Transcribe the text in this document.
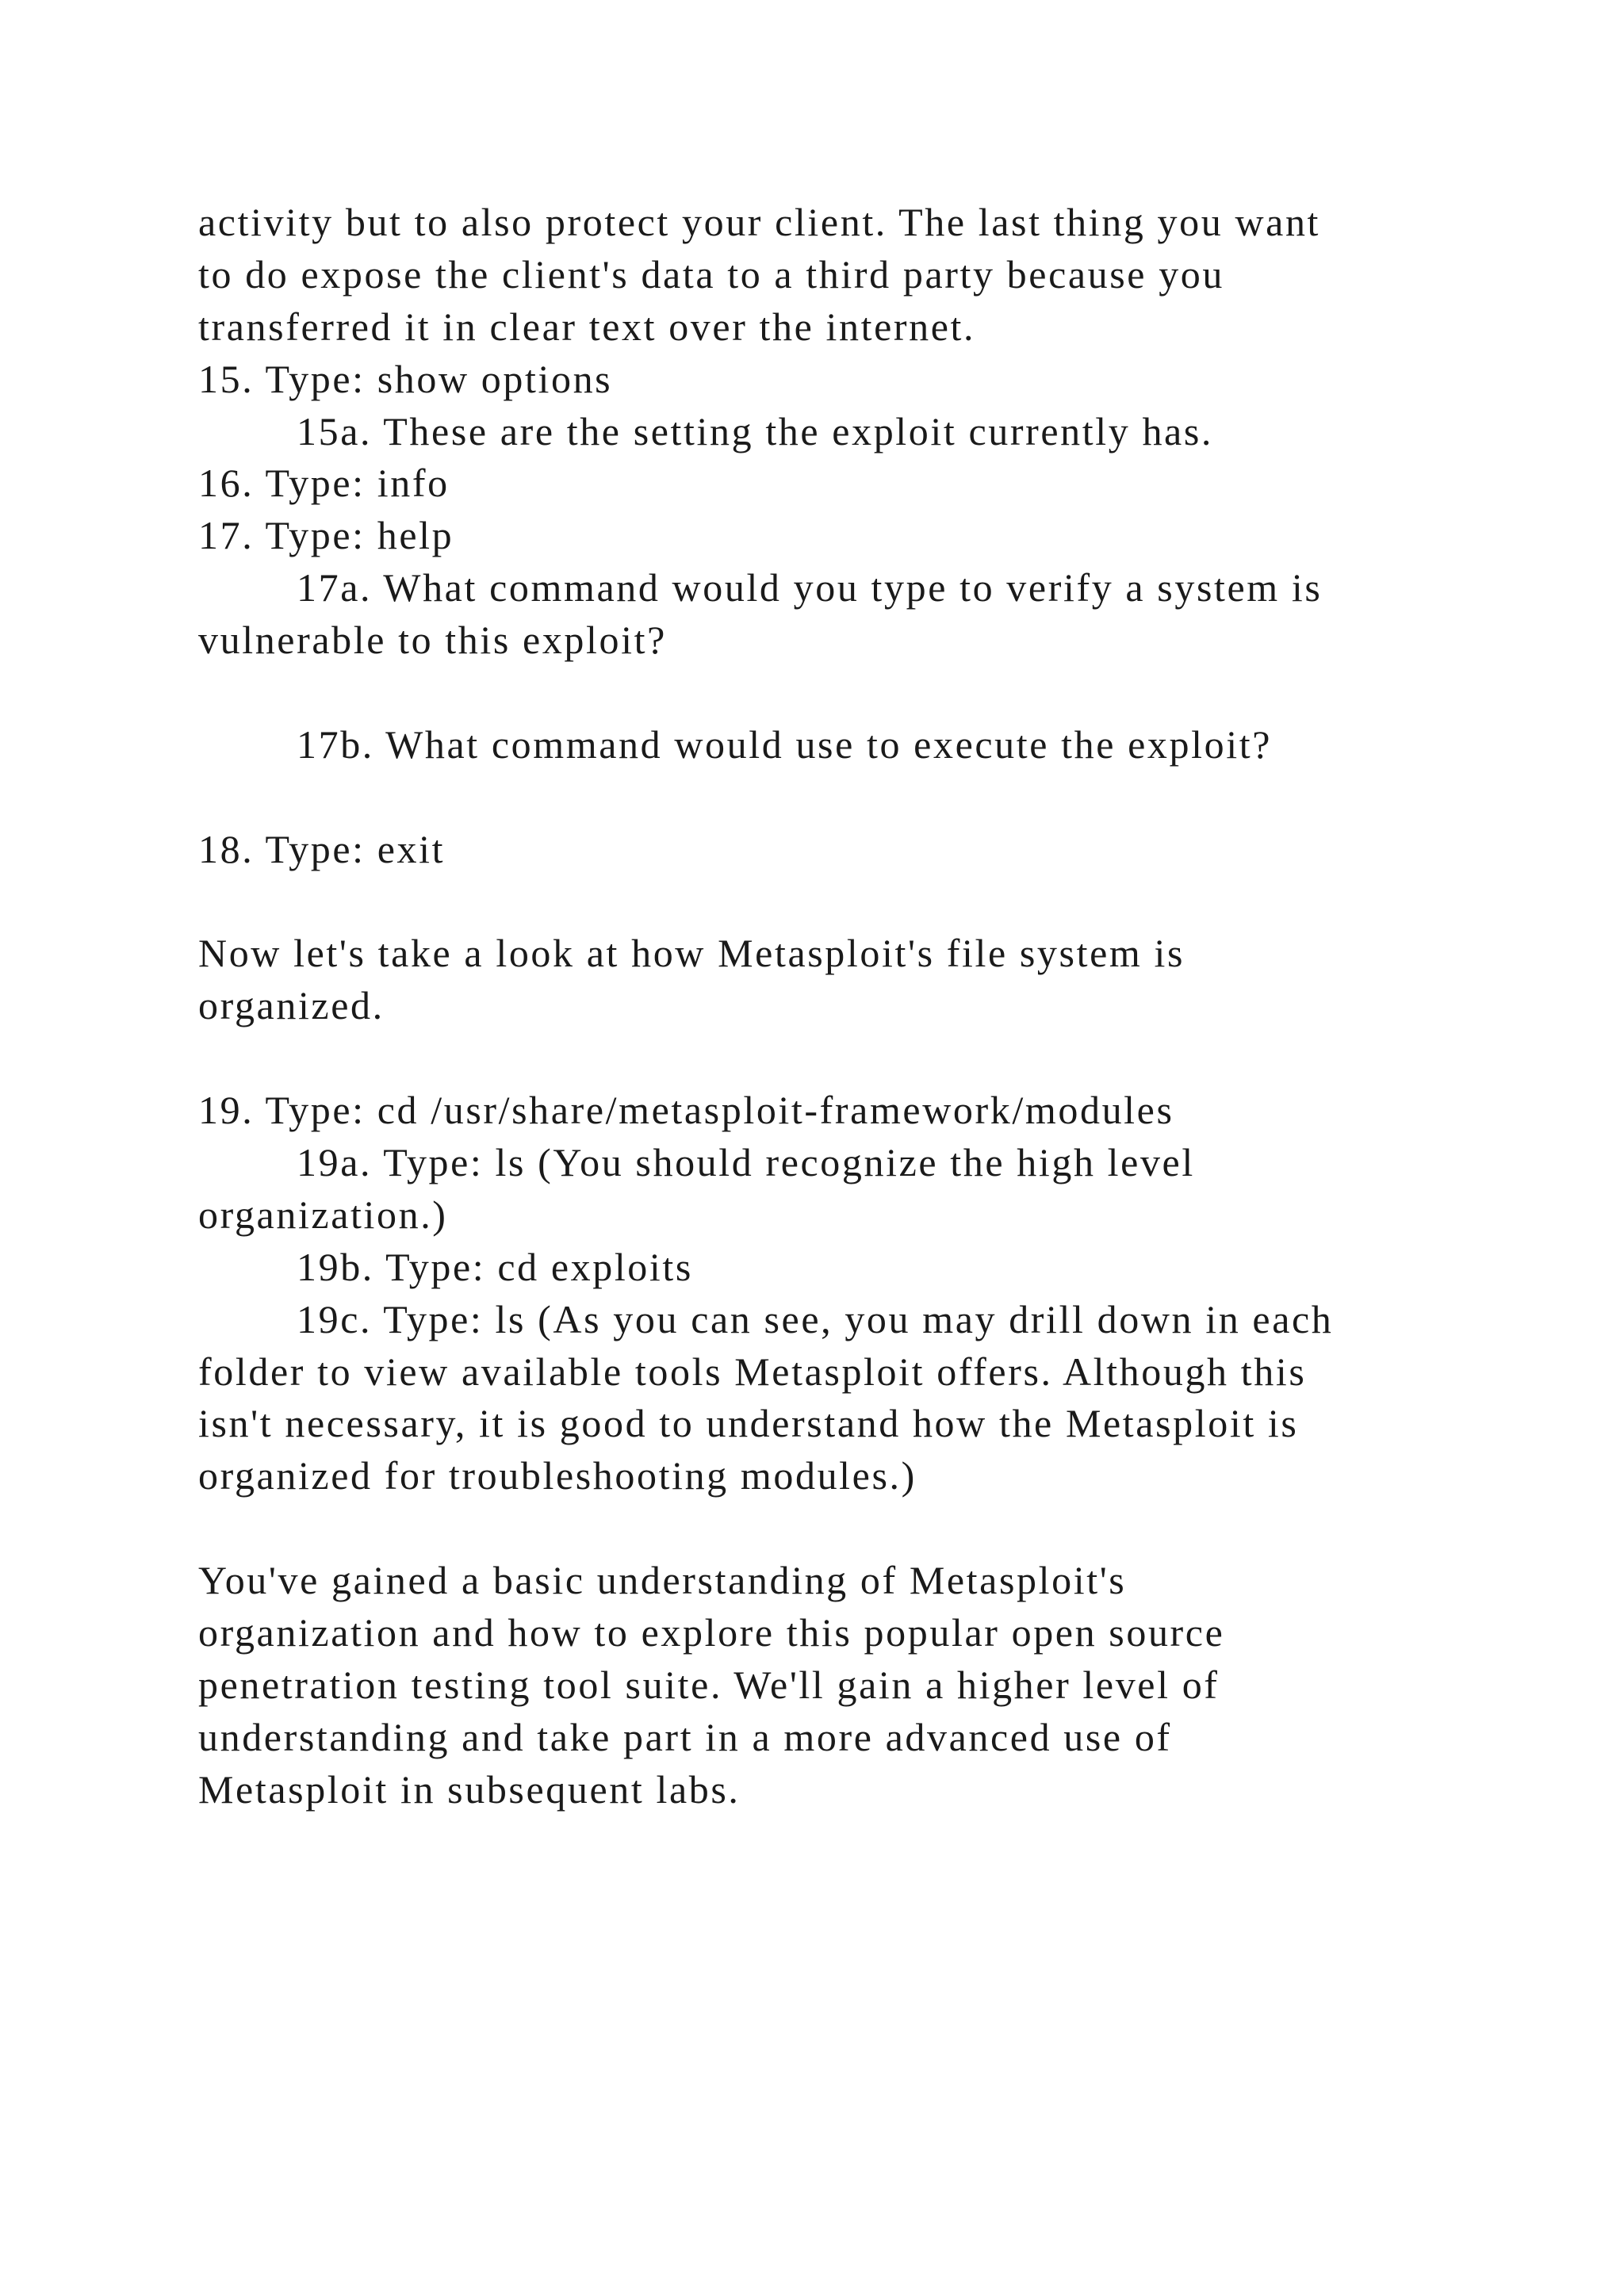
activity but to also protect your client. The last thing you want
to do expose the client's data to a third party because you
transferred it in clear text over the internet.
15. Type: show options
15a. These are the setting the exploit currently has.
16. Type: info
17. Type: help
17a. What command would you type to verify a system is
vulnerable to this exploit?
17b. What command would use to execute the exploit?
18. Type: exit
Now let's take a look at how Metasploit's file system is
organized.
19. Type: cd /usr/share/metasploit-framework/modules
19a. Type: ls (You should recognize the high level
organization.)
19b. Type: cd exploits
19c. Type: ls (As you can see, you may drill down in each
folder to view available tools Metasploit offers. Although this
isn't necessary, it is good to understand how the Metasploit is
organized for troubleshooting modules.)
You've gained a basic understanding of Metasploit's
organization and how to explore this popular open source
penetration testing tool suite. We'll gain a higher level of
understanding and take part in a more advanced use of
Metasploit in subsequent labs.
